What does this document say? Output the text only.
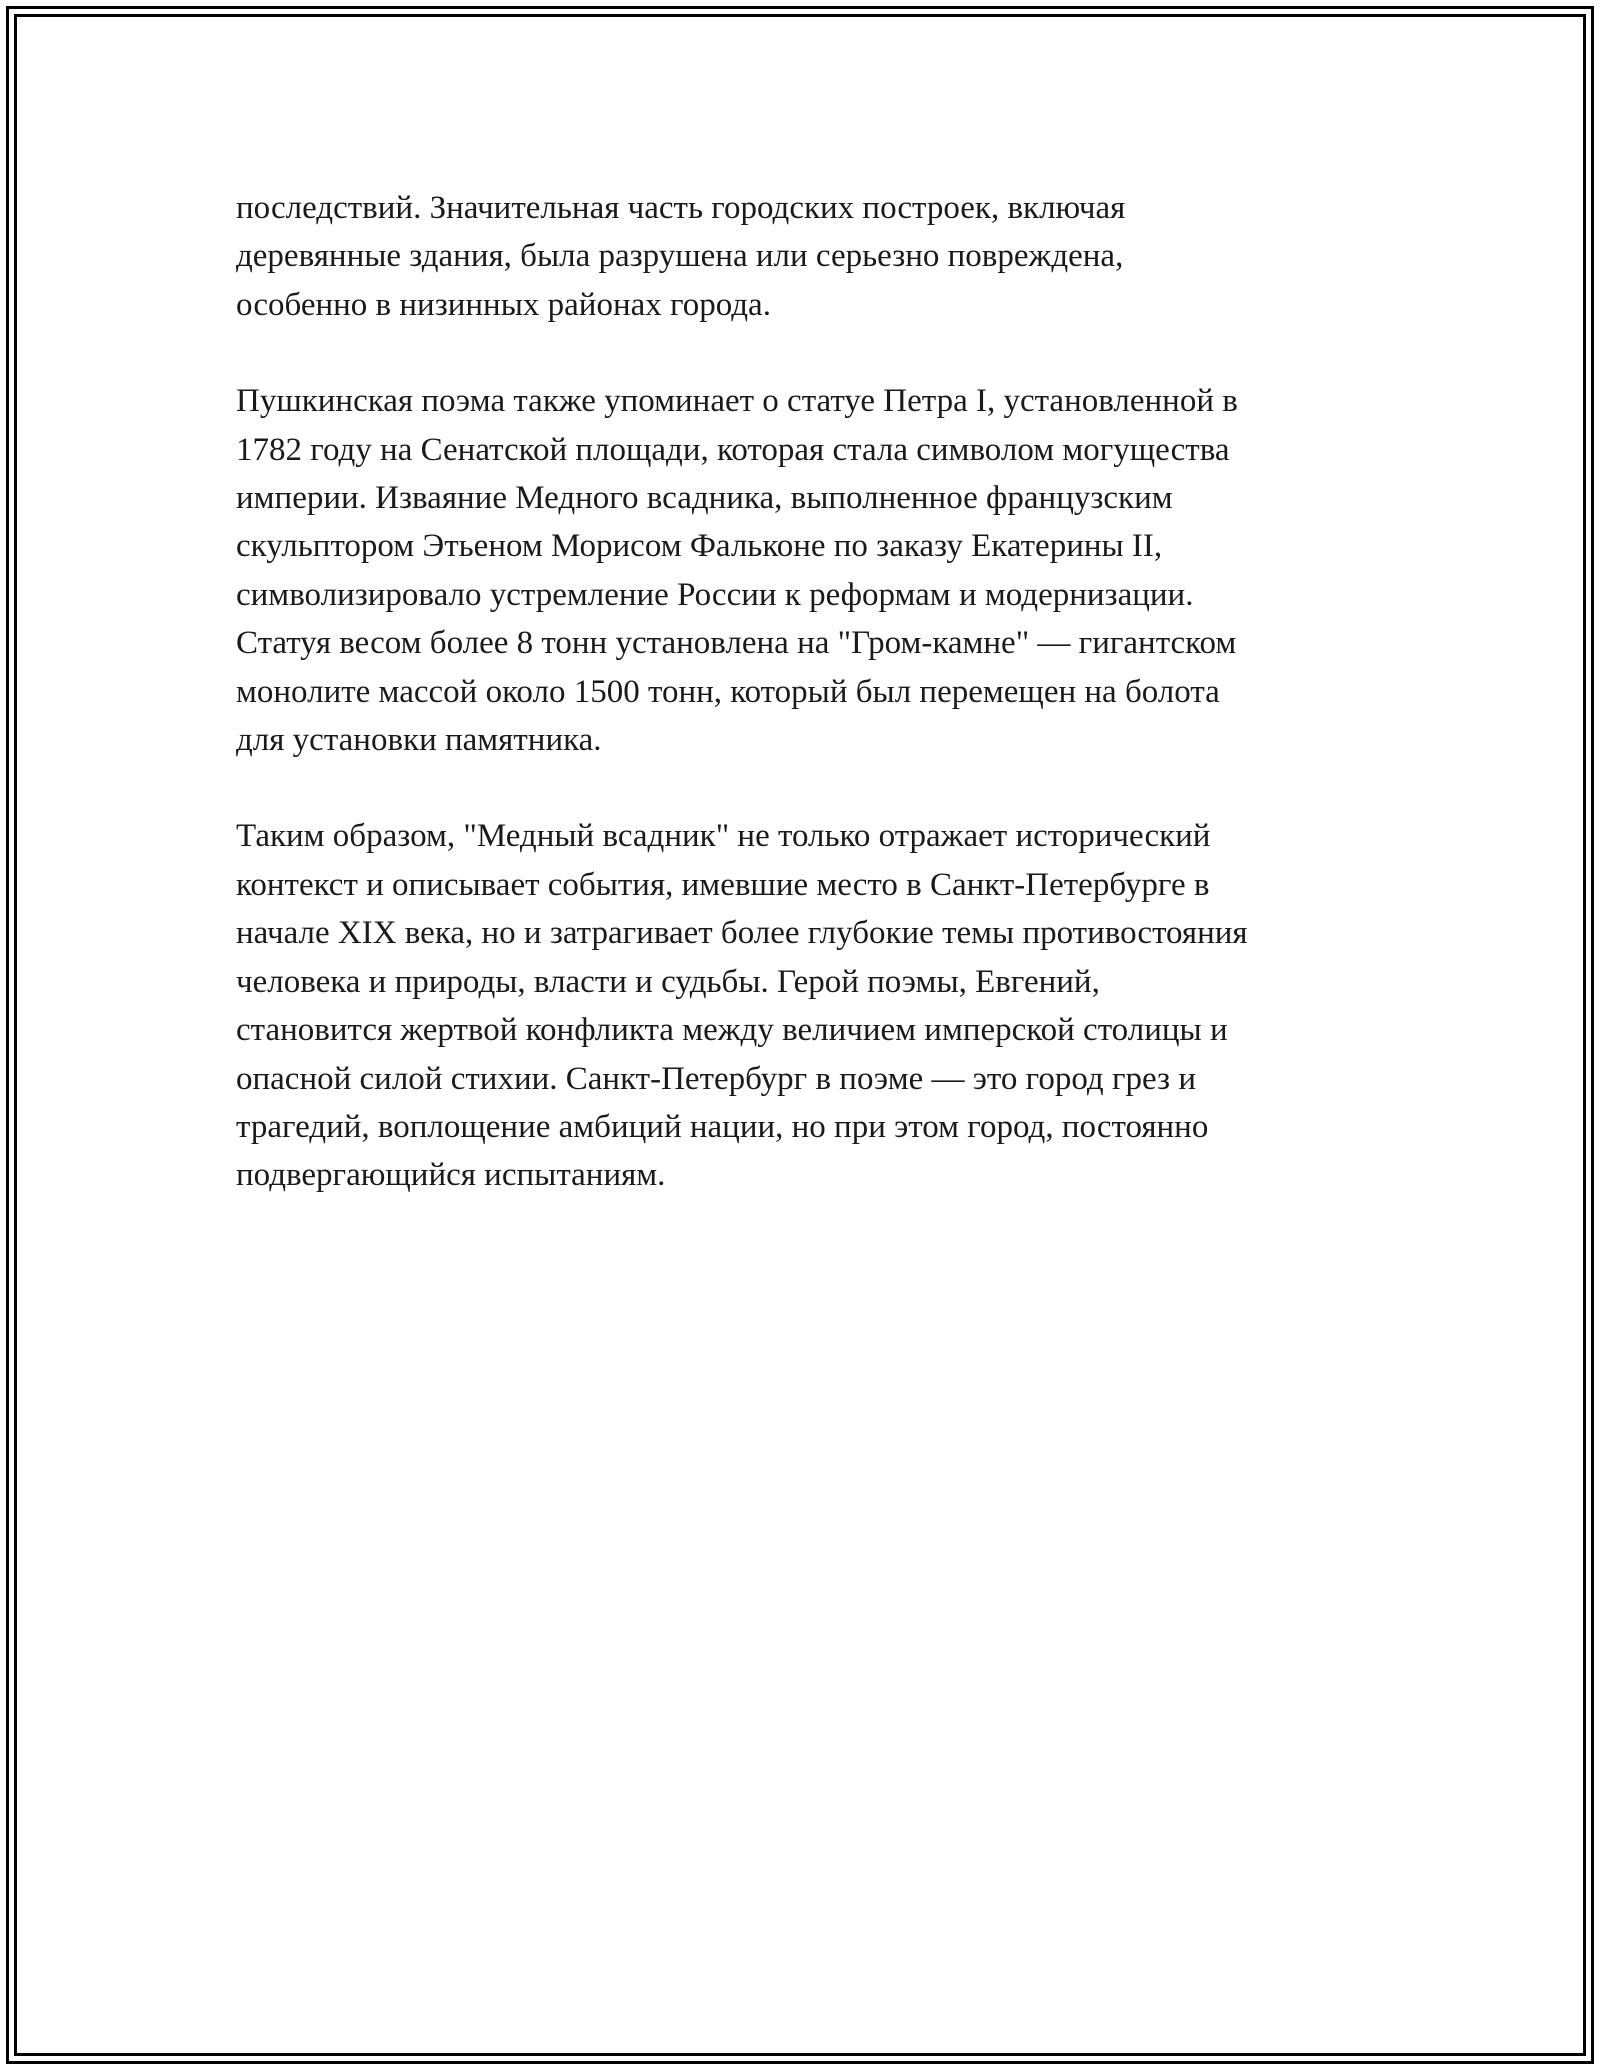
последствий. Значительная часть городских построек, включая
деревянные здания, была разрушена или серьезно повреждена,
особенно в низинных районах города.

Пушкинская поэма также упоминает о статуе Петра I, установленной в
1782 году на Сенатской площади, которая стала символом могущества
империи. Изваяние Медного всадника, выполненное французским
скульптором Этьеном Морисом Фальконе по заказу Екатерины II,
символизировало устремление России к реформам и модернизации.
Статуя весом более 8 тонн установлена на "Гром-камне" — гигантском
монолите массой около 1500 тонн, который был перемещен на болота
для установки памятника.

Таким образом, "Медный всадник" не только отражает исторический
контекст и описывает события, имевшие место в Санкт-Петербурге в
начале XIX века, но и затрагивает более глубокие темы противостояния
человека и природы, власти и судьбы. Герой поэмы, Евгений,
становится жертвой конфликта между величием имперской столицы и
опасной силой стихии. Санкт-Петербург в поэме — это город грез и
трагедий, воплощение амбиций нации, но при этом город, постоянно
подвергающийся испытаниям.
